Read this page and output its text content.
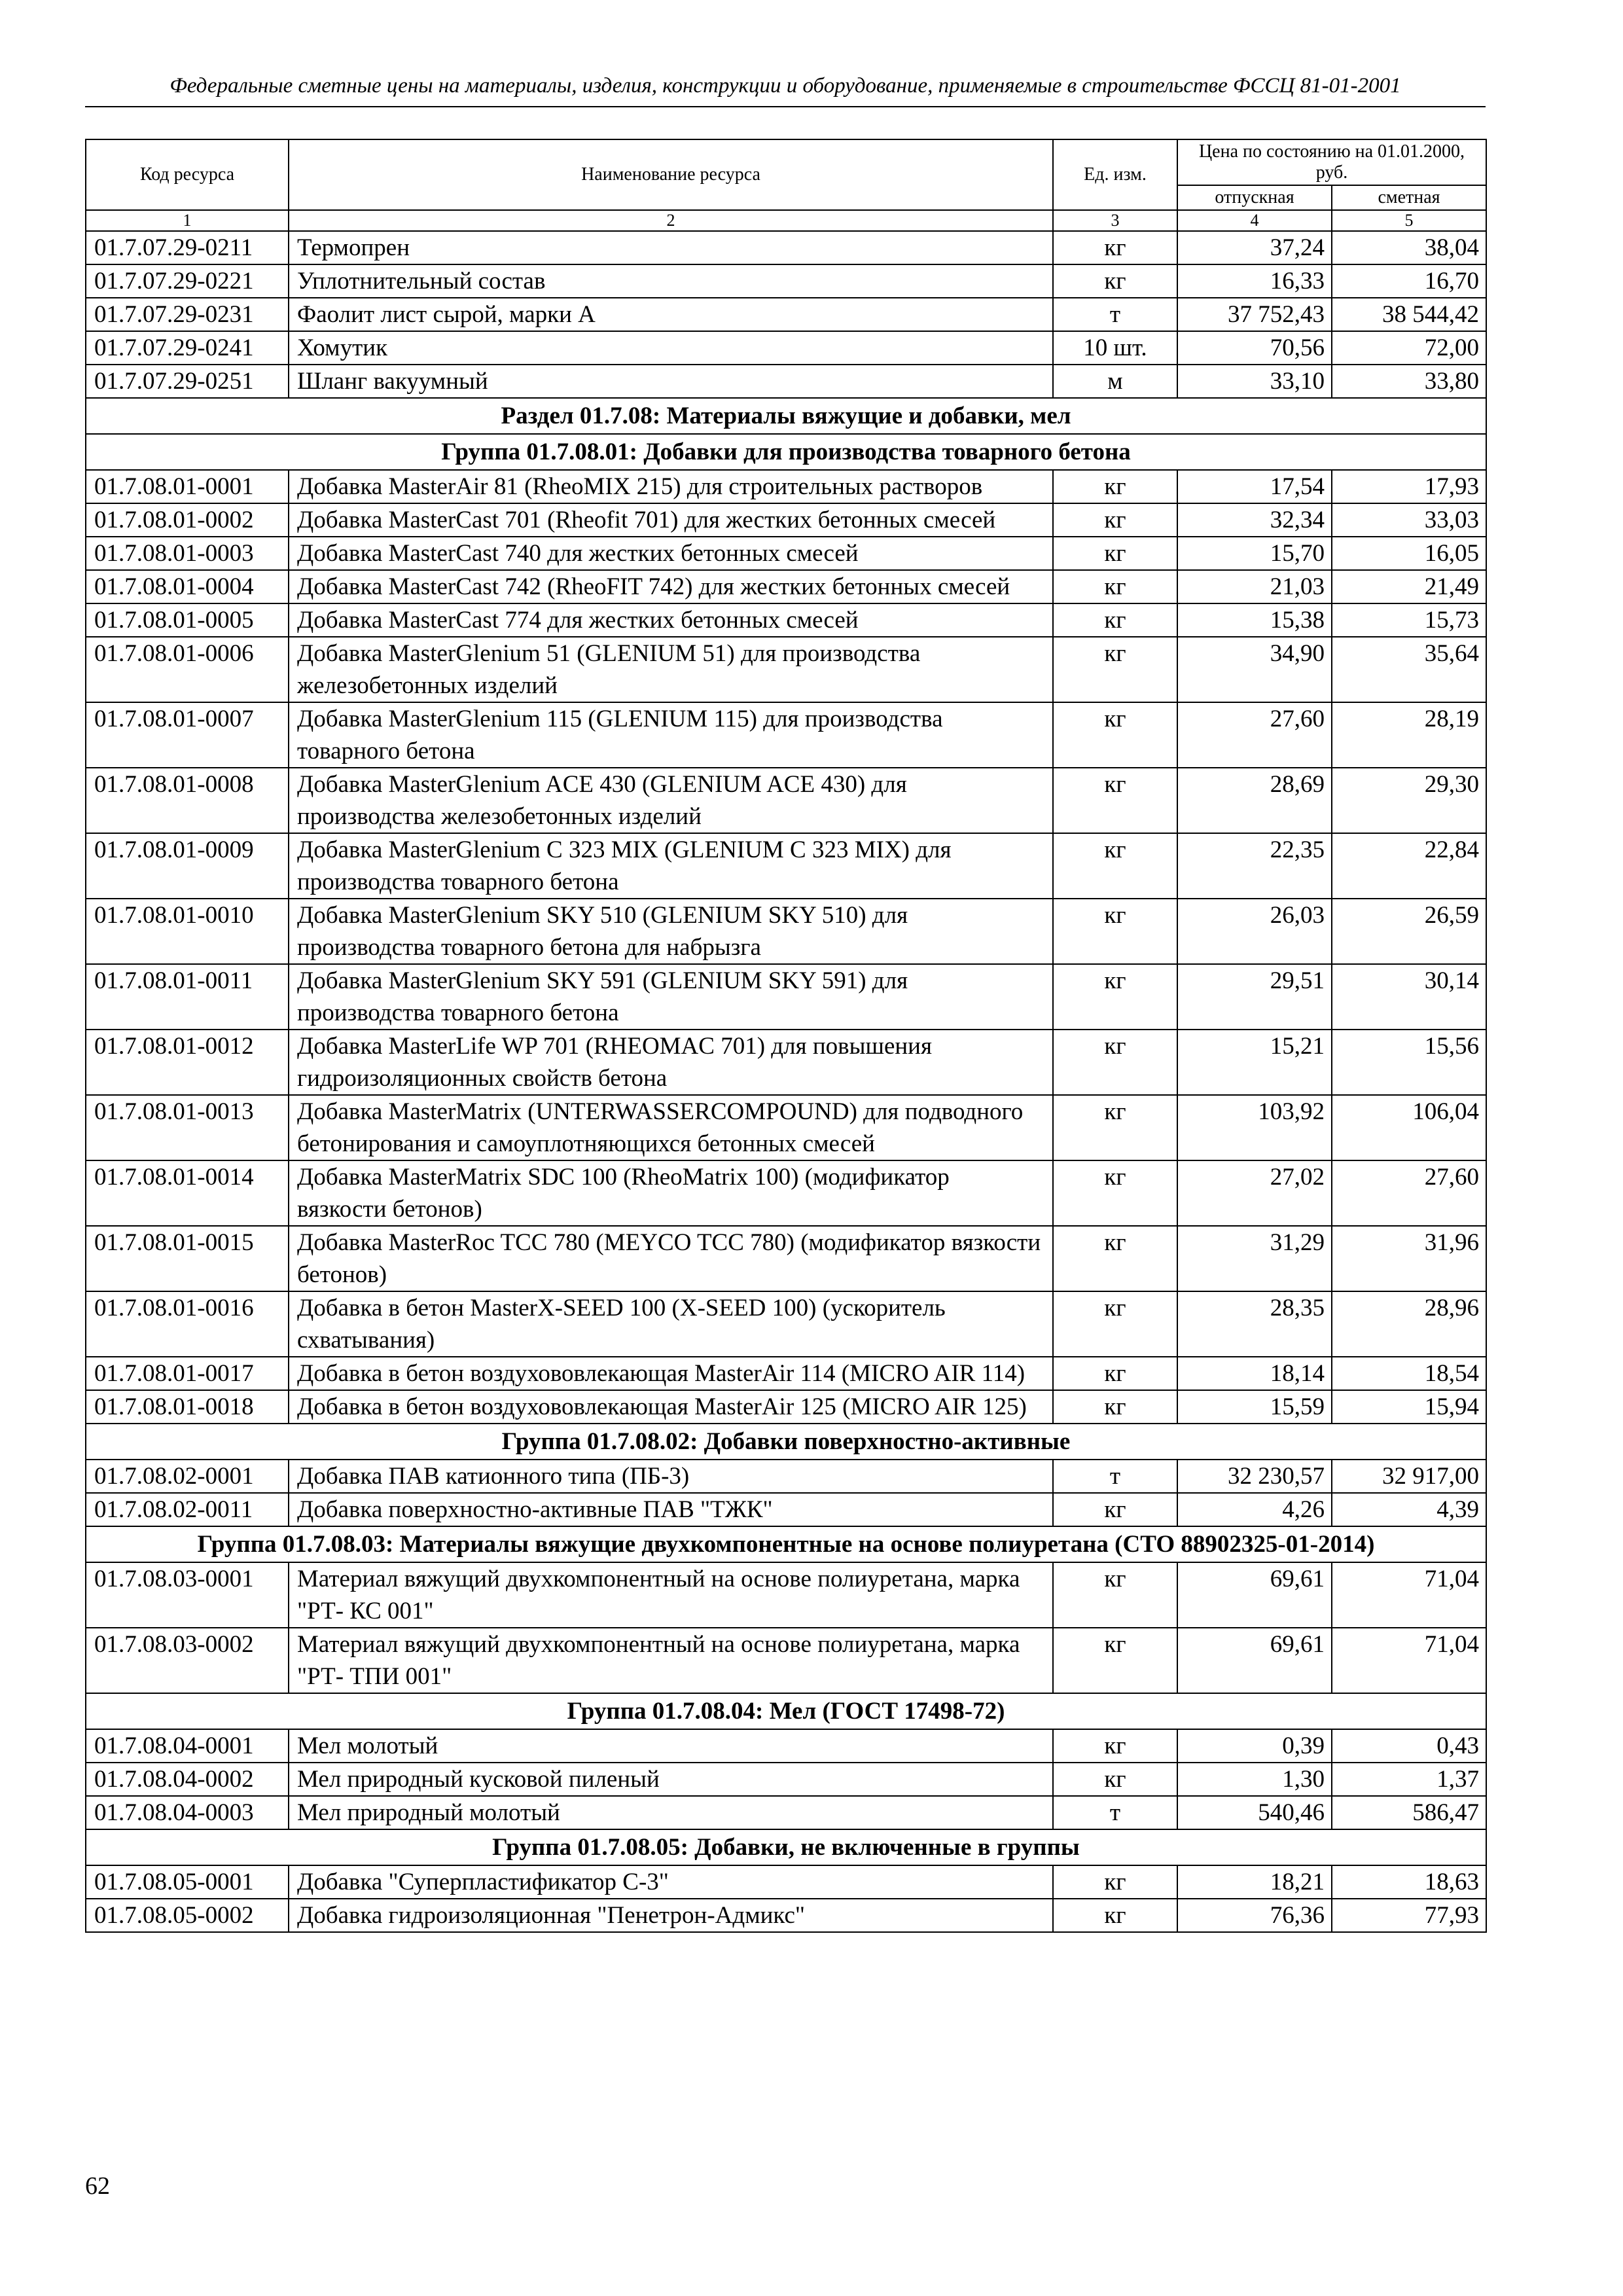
Федеральные сметные цены на материалы, изделия, конструкции и оборудование, применяемые в строительстве ФССЦ 81-01-2001
Код ресурса	Наименование ресурса	Ед. изм.	Цена по состоянию на 01.01.2000, руб.	
			отпускная	сметная
1	2	3	4	5
01.7.07.29-0211	Термопрен	кг	37,24	38,04
01.7.07.29-0221	Уплотнительный состав	кг	16,33	16,70
01.7.07.29-0231	Фаолит лист сырой, марки А	т	37 752,43	38 544,42
01.7.07.29-0241	Хомутик	10 шт.	70,56	72,00
01.7.07.29-0251	Шланг вакуумный	м	33,10	33,80
Раздел 01.7.08: Материалы вяжущие и добавки, мел				
Группа 01.7.08.01: Добавки для производства товарного бетона				
01.7.08.01-0001	Добавка MasterAir 81 (RheoMIX 215) для строительных растворов	кг	17,54	17,93
01.7.08.01-0002	Добавка MasterCast 701 (Rheofit 701) для жестких бетонных смесей	кг	32,34	33,03
01.7.08.01-0003	Добавка MasterCast 740 для жестких бетонных смесей	кг	15,70	16,05
01.7.08.01-0004	Добавка MasterCast 742 (RheoFIT 742) для жестких бетонных смесей	кг	21,03	21,49
01.7.08.01-0005	Добавка MasterCast 774 для жестких бетонных смесей	кг	15,38	15,73
01.7.08.01-0006	Добавка MasterGlenium 51 (GLENIUM 51) для производства железобетонных изделий	кг	34,90	35,64
01.7.08.01-0007	Добавка MasterGlenium 115 (GLENIUM 115) для производства товарного бетона	кг	27,60	28,19
01.7.08.01-0008	Добавка MasterGlenium ACE 430 (GLENIUM ACE 430) для производства железобетонных изделий	кг	28,69	29,30
01.7.08.01-0009	Добавка MasterGlenium C 323 MIX (GLENIUM C 323 MIX) для производства товарного бетона	кг	22,35	22,84
01.7.08.01-0010	Добавка MasterGlenium SKY 510 (GLENIUM SKY 510) для производства товарного бетона для набрызга	кг	26,03	26,59
01.7.08.01-0011	Добавка MasterGlenium SKY 591 (GLENIUM SKY 591) для производства товарного бетона	кг	29,51	30,14
01.7.08.01-0012	Добавка MasterLife WP 701 (RHEOMAC 701) для повышения гидроизоляционных свойств бетона	кг	15,21	15,56
01.7.08.01-0013	Добавка MasterMatrix (UNTERWASSERCOMPOUND) для подводного бетонирования и самоуплотняющихся бетонных смесей	кг	103,92	106,04
01.7.08.01-0014	Добавка MasterMatrix SDC 100 (RheoMatrix 100) (модификатор вязкости бетонов)	кг	27,02	27,60
01.7.08.01-0015	Добавка MasterRoc TCC 780 (MEYCO TCC 780) (модификатор вязкости бетонов)	кг	31,29	31,96
01.7.08.01-0016	Добавка в бетон MasterX-SEED 100 (X-SEED 100) (ускоритель схватывания)	кг	28,35	28,96
01.7.08.01-0017	Добавка в бетон воздухововлекающая MasterAir 114 (MICRO AIR 114)	кг	18,14	18,54
01.7.08.01-0018	Добавка в бетон воздухововлекающая MasterAir 125 (MICRO AIR 125)	кг	15,59	15,94
Группа 01.7.08.02: Добавки поверхностно-активные				
01.7.08.02-0001	Добавка ПАВ катионного типа (ПБ-3)	т	32 230,57	32 917,00
01.7.08.02-0011	Добавка поверхностно-активные ПАВ "ТЖК"	кг	4,26	4,39
Группа 01.7.08.03: Материалы вяжущие двухкомпонентные на основе полиуретана (СТО 88902325-01-2014)				
01.7.08.03-0001	Материал вяжущий двухкомпонентный на основе полиуретана, марка "РТ- КС 001"	кг	69,61	71,04
01.7.08.03-0002	Материал вяжущий двухкомпонентный на основе полиуретана, марка "РТ- ТПИ 001"	кг	69,61	71,04
Группа 01.7.08.04: Мел (ГОСТ 17498-72)				
01.7.08.04-0001	Мел молотый	кг	0,39	0,43
01.7.08.04-0002	Мел природный кусковой пиленый	кг	1,30	1,37
01.7.08.04-0003	Мел природный молотый	т	540,46	586,47
Группа 01.7.08.05: Добавки, не включенные в группы				
01.7.08.05-0001	Добавка "Суперпластификатор С-3"	кг	18,21	18,63
01.7.08.05-0002	Добавка гидроизоляционная "Пенетрон-Адмикс"	кг	76,36	77,93
62
